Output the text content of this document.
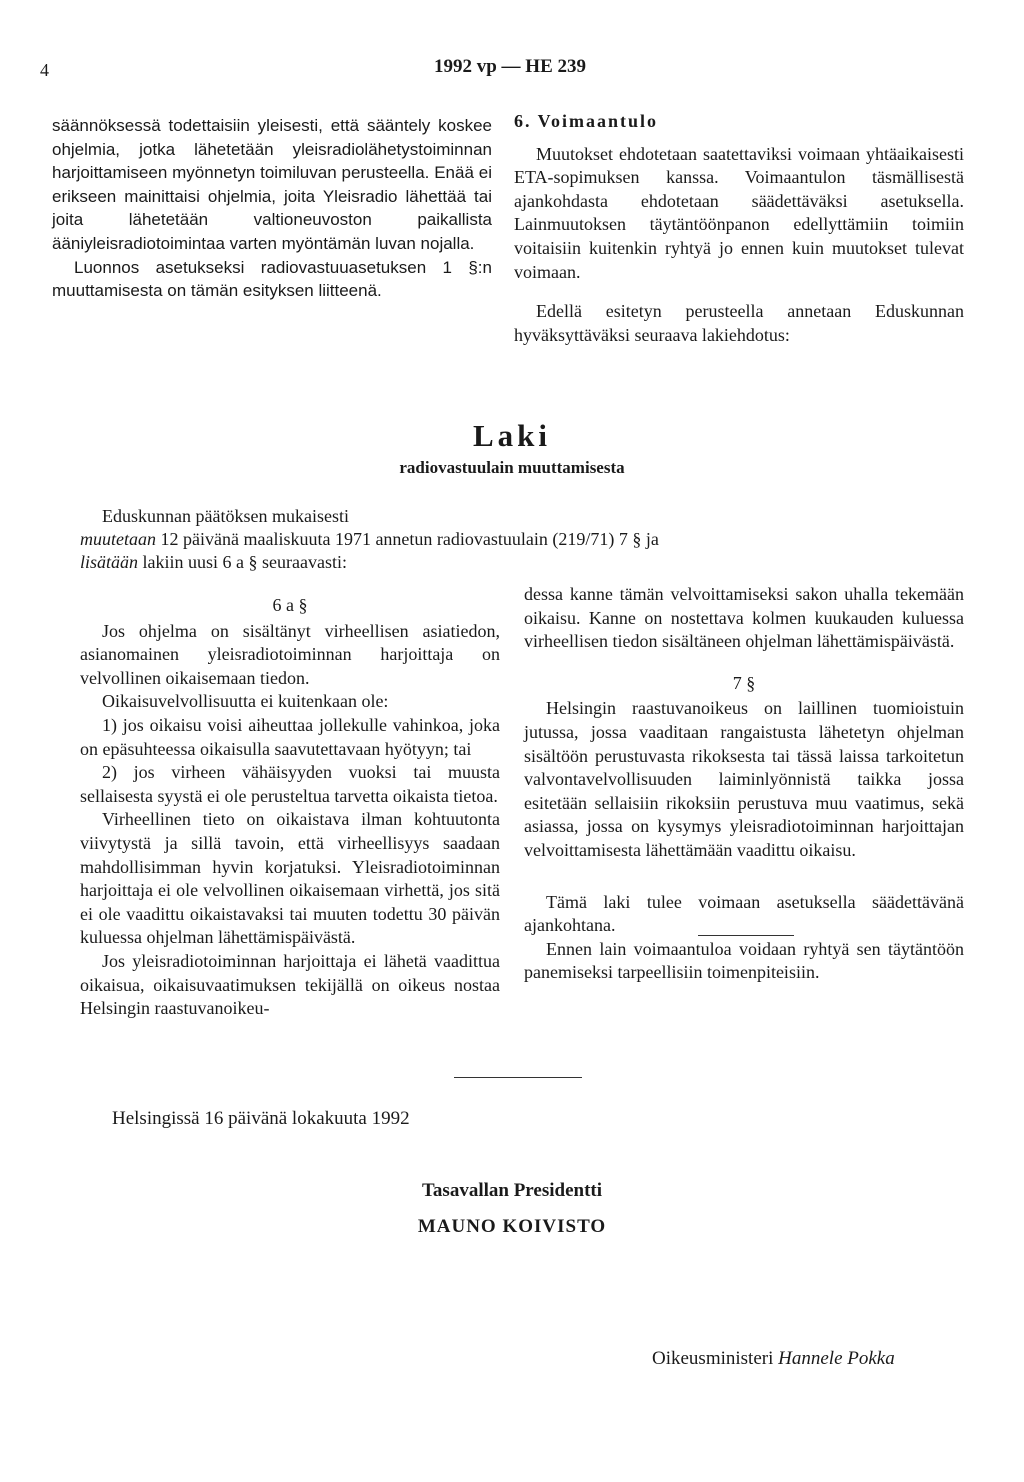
4	1992 vp — HE 239

säännöksessä todettaisiin yleisesti, että sääntely koskee ohjelmia, jotka lähetetään yleisradiolähetystoiminnan harjoittamiseen myönnetyn toimiluvan perusteella. Enää ei erikseen mainittaisi ohjelmia, joita Yleisradio lähettää tai joita lähetetään valtioneuvoston paikallista ääniyleisradiotoimintaa varten myöntämän luvan nojalla.

Luonnos asetukseksi radiovastuuasetuksen 1 §:n muuttamisesta on tämän esityksen liitteenä.

6. Voimaantulo

Muutokset ehdotetaan saatettaviksi voimaan yhtäaikaisesti ETA-sopimuksen kanssa. Voimaantulon täsmällisestä ajankohdasta ehdotetaan säädettäväksi asetuksella. Lainmuutoksen täytäntöönpanon edellyttämiin toimiin voitaisiin kuitenkin ryhtyä jo ennen kuin muutokset tulevat voimaan.

Edellä esitetyn perusteella annetaan Eduskunnan hyväksyttäväksi seuraava lakiehdotus:

Laki
radiovastuulain muuttamisesta

Eduskunnan päätöksen mukaisesti

muutetaan 12 päivänä maaliskuuta 1971 annetun radiovastuulain (219/71) 7 § ja

lisätään lakiin uusi 6 a § seuraavasti:

6 a §

Jos ohjelma on sisältänyt virheellisen asiatiedon, asianomainen yleisradiotoiminnan harjoittaja on velvollinen oikaisemaan tiedon.

Oikaisuvelvollisuutta ei kuitenkaan ole:

1) jos oikaisu voisi aiheuttaa jollekulle vahinkoa, joka on epäsuhteessa oikaisulla saavutettavaan hyötyyn; tai

2) jos virheen vähäisyyden vuoksi tai muusta sellaisesta syystä ei ole perusteltua tarvetta oikaista tietoa.

Virheellinen tieto on oikaistava ilman kohtuutonta viivytystä ja sillä tavoin, että virheellisyys saadaan mahdollisimman hyvin korjatuksi. Yleisradiotoiminnan harjoittaja ei ole velvollinen oikaisemaan virhettä, jos sitä ei ole vaadittu oikaistavaksi tai muuten todettu 30 päivän kuluessa ohjelman lähettämispäivästä.

Jos yleisradiotoiminnan harjoittaja ei lähetä vaadittua oikaisua, oikaisuvaatimuksen tekijällä on oikeus nostaa Helsingin raastuvanoikeu-

dessa kanne tämän velvoittamiseksi sakon uhalla tekemään oikaisu. Kanne on nostettava kolmen kuukauden kuluessa virheellisen tiedon sisältäneen ohjelman lähettämispäivästä.

7 §

Helsingin raastuvanoikeus on laillinen tuomioistuin jutussa, jossa vaaditaan rangaistusta lähetetyn ohjelman sisältöön perustuvasta rikoksesta tai tässä laissa tarkoitetun valvontavelvollisuuden laiminlyönnistä taikka jossa esitetään sellaisiin rikoksiin perustuva muu vaatimus, sekä asiassa, jossa on kysymys yleisradiotoiminnan harjoittajan velvoittamisesta lähettämään vaadittu oikaisu.

Tämä laki tulee voimaan asetuksella säädettävänä ajankohtana.

Ennen lain voimaantuloa voidaan ryhtyä sen täytäntöön panemiseksi tarpeellisiin toimenpiteisiin.

Helsingissä 16 päivänä lokakuuta 1992
Tasavallan Presidentti
MAUNO KOIVISTO
Oikeusministeri Hannele Pokka
